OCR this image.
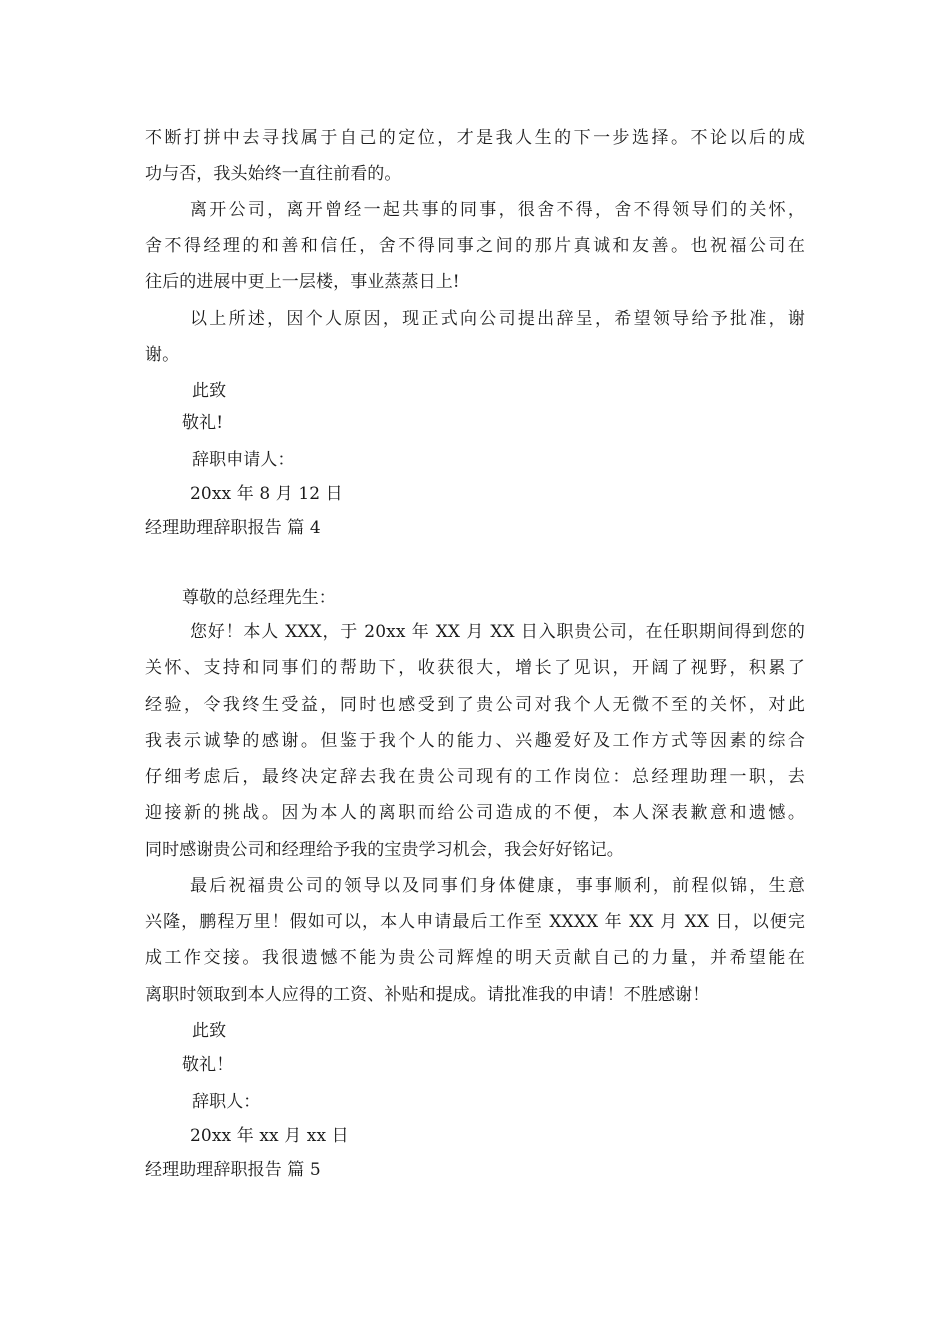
不断打拼中去寻找属于自己的定位，才是我人生的下一步选择。不论以后的成
功与否，我头始终一直往前看的。
离开公司，离开曾经一起共事的同事，很舍不得，舍不得领导们的关怀，
舍不得经理的和善和信任，舍不得同事之间的那片真诚和友善。也祝福公司在
往后的进展中更上一层楼，事业蒸蒸日上!
以上所述，因个人原因，现正式向公司提出辞呈，希望领导给予批准，谢
谢。
此致
敬礼!
辞职申请人：
20xx 年 8 月 12 日
经理助理辞职报告 篇 4
尊敬的总经理先生：
您好！本人 XXX，于 20xx 年 XX 月 XX 日入职贵公司，在任职期间得到您的
关怀、支持和同事们的帮助下，收获很大，增长了见识，开阔了视野，积累了
经验，令我终生受益，同时也感受到了贵公司对我个人无微不至的关怀，对此
我表示诚挚的感谢。但鉴于我个人的能力、兴趣爱好及工作方式等因素的综合
仔细考虑后，最终决定辞去我在贵公司现有的工作岗位：总经理助理一职，去
迎接新的挑战。因为本人的离职而给公司造成的不便，本人深表歉意和遗憾。
同时感谢贵公司和经理给予我的宝贵学习机会，我会好好铭记。
最后祝福贵公司的领导以及同事们身体健康，事事顺利，前程似锦，生意
兴隆，鹏程万里！假如可以，本人申请最后工作至 XXXX 年 XX 月 XX 日，以便完
成工作交接。我很遗憾不能为贵公司辉煌的明天贡献自己的力量，并希望能在
离职时领取到本人应得的工资、补贴和提成。请批准我的申请！不胜感谢！
此致
敬礼！
辞职人：
20xx 年 xx 月 xx 日
经理助理辞职报告 篇 5
